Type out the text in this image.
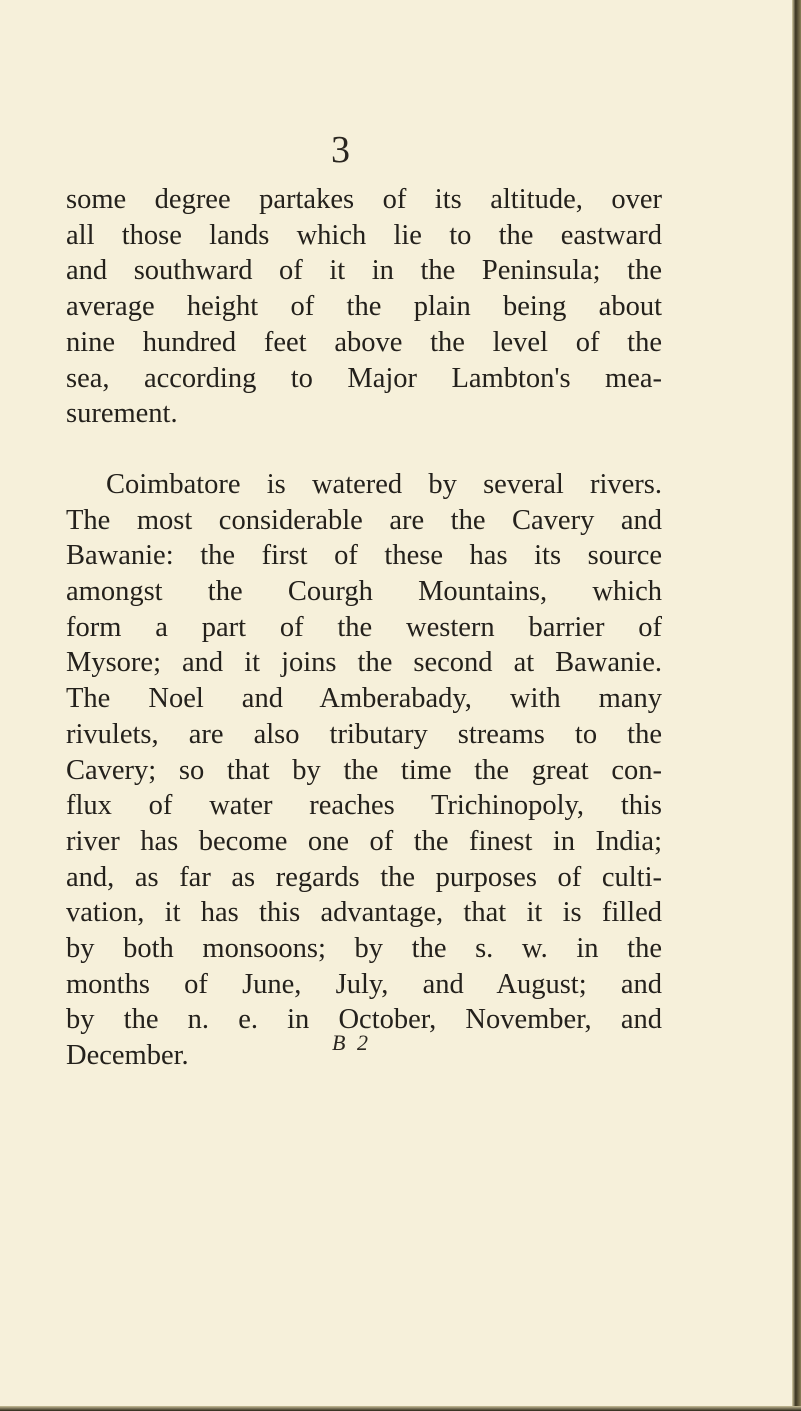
3

some degree partakes of its altitude, over
all those lands which lie to the eastward
and southward of it in the Peninsula; the
average height of the plain being about
nine hundred feet above the level of the
sea, according to Major Lambton's mea-
surement.

Coimbatore is watered by several rivers.
The most considerable are the Cavery and
Bawanie: the first of these has its source
amongst the Courgh Mountains, which
form a part of the western barrier of
Mysore; and it joins the second at Bawanie.
The Noel and Amberabady, with many
rivulets, are also tributary streams to the
Cavery; so that by the time the great con-
flux of water reaches Trichinopoly, this
river has become one of the finest in India;
and, as far as regards the purposes of culti-
vation, it has this advantage, that it is filled
by both monsoons; by the s. w. in the
months of June, July, and August; and
by the n. e. in October, November, and
December.	B 2
